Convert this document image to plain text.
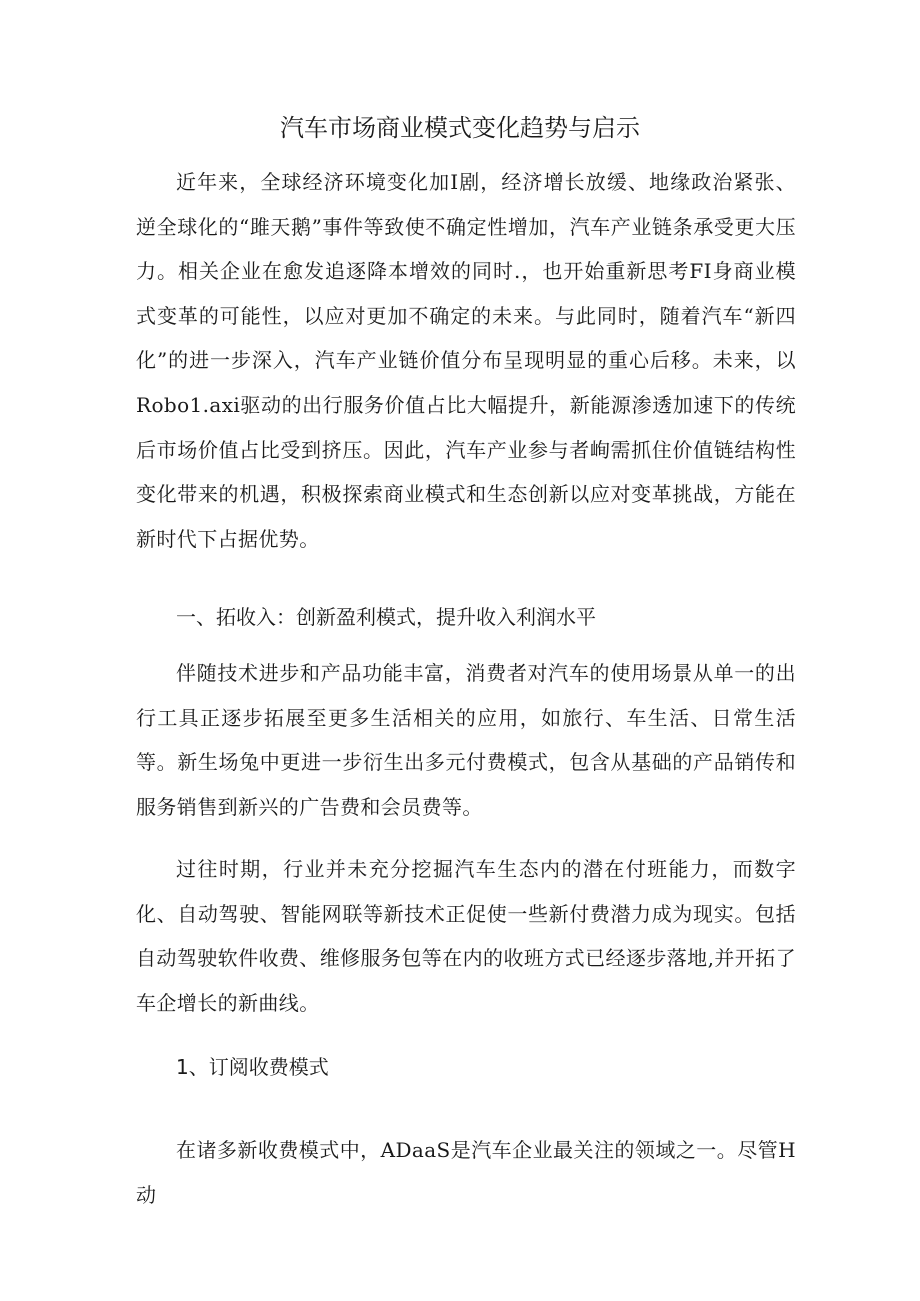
汽车市场商业模式变化趋势与启示

近年来，全球经济环境变化加I剧，经济增长放缓、地缘政治紧张、逆全球化的“雎天鹅”事件等致使不确定性增加，汽车产业链条承受更大压力。相关企业在愈发追逐降本增效的同时.，也开始重新思考FI身商业模式变革的可能性，以应对更加不确定的未来。与此同时，随着汽车“新四化”的进一步深入，汽车产业链价值分布呈现明显的重心后移。未来，以Robo1.axi驱动的出行服务价值占比大幅提升，新能源渗透加速下的传统后市场价值占比受到挤压。因此，汽车产业参与者峋需抓住价值链结构性变化带来的机遇，积极探索商业模式和生态创新以应对变革挑战，方能在新时代下占据优势。

一、拓收入：创新盈利模式，提升收入利润水平

伴随技术进步和产品功能丰富，消费者对汽车的使用场景从单一的出行工具正逐步拓展至更多生活相关的应用，如旅行、车生活、日常生活等。新生场兔中更进一步衍生出多元付费模式，包含从基础的产品销传和服务销售到新兴的广告费和会员费等。

过往时期，行业并未充分挖掘汽车生态内的潜在付班能力，而数字化、自动驾驶、智能网联等新技术正促使一些新付费潜力成为现实。包括自动驾驶软件收费、维修服务包等在内的收班方式已经逐步落地,并开拓了车企增长的新曲线。

1、订阅收费模式

在诸多新收费模式中，ADaaS是汽车企业最关注的领域之一。尽管H动
